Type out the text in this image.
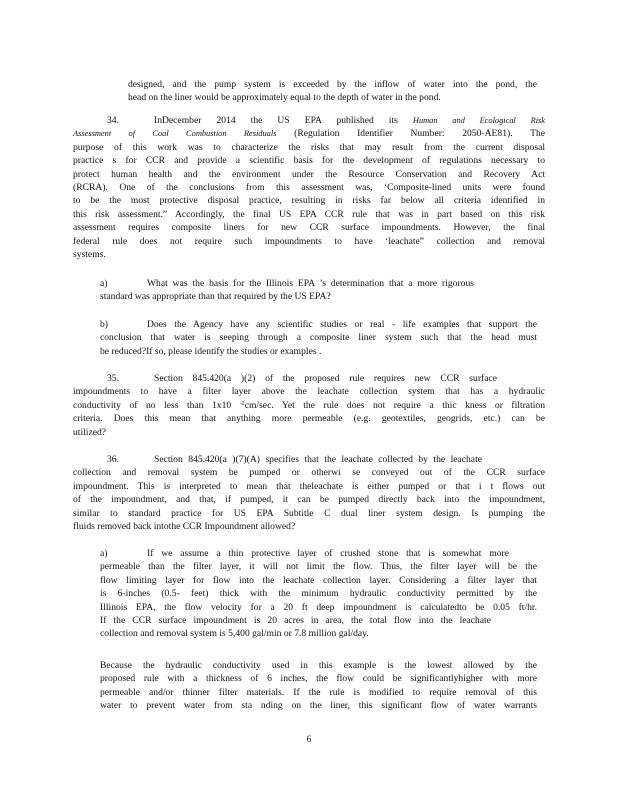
designed, and the pump system is exceeded by the inflow of water into the pond, the
head on the liner would be approximately equal to the depth of water in the pond.
34.	InDecember 2014 the US EPA published its Human and Ecological Risk
Assessment of Coal Combustion Residuals (Regulation Identifier Number: 2050-AE81). The
purpose of this work was to characterize the risks that may result from the current disposal
practice s for CCR and provide a scientific basis for the development of regulations necessary to
protect human health and the environment under the Resource Conservation and Recovery Act
(RCRA). One of the conclusions from this assessment was, ‘Composite-lined units were found
to be the most protective disposal practice, resulting in risks far below all criteria identified in
this risk assessment.” Accordingly, the final US EPA CCR rule that was in part based on this risk
assessment requires composite liners for new CCR surface impoundments. However, the final
federal rule does not require such impoundments to have ‘leachate” collection and removal
systems.
a)	What was the basis for the Illinois EPA ’s determination that a more rigorous
standard was appropriate than that required by the US EPA?
b)	Does the Agency have any scientific studies or real - life examples that support the
conclusion that water is seeping through a composite liner system such that the head must
be reduced?If so, please identify the studies or examples .
35.	Section 845.420(a )(2) of the proposed rule requires new CCR surface
impoundments to have a filter layer above the leachate collection system that has a hydraulic
conductivity of no less than 1x10 $^{-2}$cm/sec. Yet the rule does not require a thic kness or filtration
criteria. Does this mean that anything more permeable (e.g. geotextiles, geogrids, etc.) can be
utilized?
36.	Section 845.420(a )(7)(A) specifies that the leachate collected by the leachate
collection and removal system be pumped or otherwi se conveyed out of the CCR surface
impoundment. This is interpreted to mean that theleachate is either pumped or that i t flows out
of the impoundment, and that, if pumped, it can be pumped directly back into the impoundment,
similar to standard practice for US EPA Subtitle C dual liner system design. Is pumping the
fluids removed back intothe CCR Impoundment allowed?
a)	If we assume a thin protective layer of crushed stone that is somewhat more
permeable than the filter layer, it will not limit the flow. Thus, the filter layer will be the
flow limiting layer for flow into the leachate collection layer. Considering a filter layer that
is 6-inches (0.5- feet) thick with the minimum hydraulic conductivity permitted by the
Illinois EPA, the flow velocity for a 20 ft deep impoundment is calculatedto be 0.05 ft/hr.
If the CCR surface impoundment is 20 acres in area, the total flow into the leachate
collection and removal system is 5,400 gal/min or 7.8 million gal/day.
Because the hydraulic conductivity used in this example is the lowest allowed by the
proposed rule with a thickness of 6 inches, the flow could be significantlyhigher with more
permeable and/or thinner filter materials. If the rule is modified to require removal of this
water to prevent water from sta nding on the liner, this significant flow of water warrants
6
